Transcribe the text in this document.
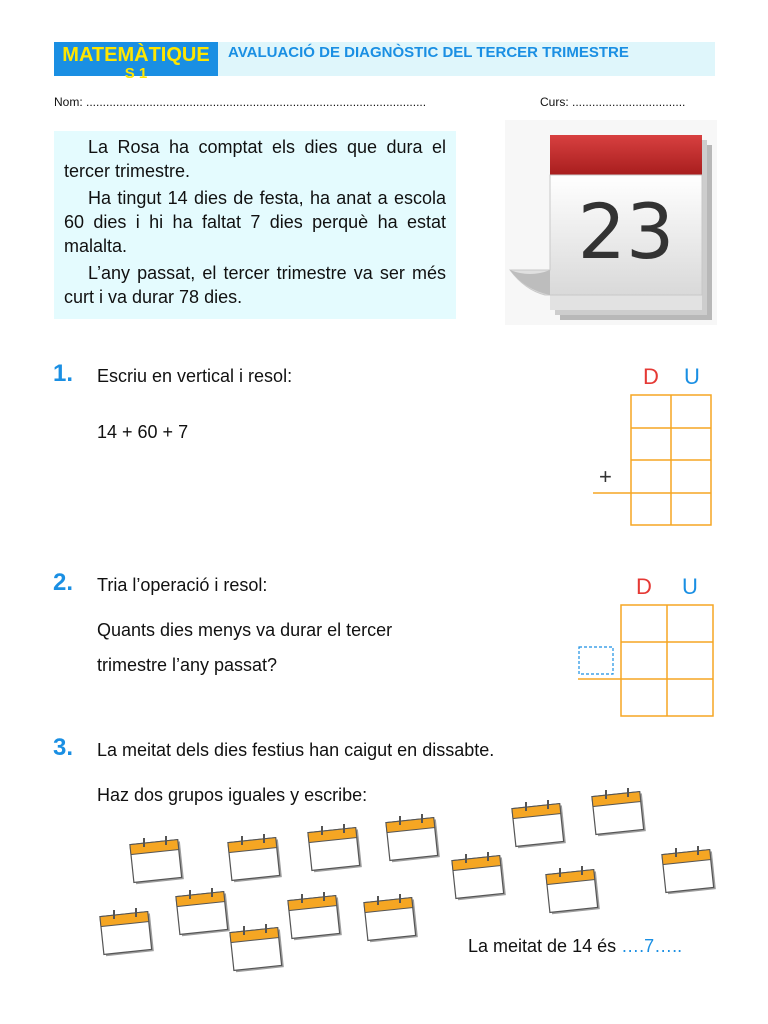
MATEMÀTIQUE
S 1
AVALUACIÓ DE DIAGNÒSTIC DEL TERCER TRIMESTRE
Nom: ......................................................................................................	Curs: ..................................

La Rosa ha comptat els dies que dura el tercer trimestre.

Ha tingut 14 dies de festa, ha anat a escola 60 dies i hi ha faltat 7 dies perquè ha estat malalta.

L’any passat, el tercer trimestre va ser més curt i va durar 78 dies.

23
1. Escriu en vertical i resol:
14 + 60 + 7
D U
+
2. Tria l’operació i resol:
Quants dies menys va durar el tercer
trimestre l’any passat?
D U
3. La meitat dels dies festius han caigut en dissabte.
Haz dos grupos iguales y escribe:
La meitat de 14 és ….7…..
